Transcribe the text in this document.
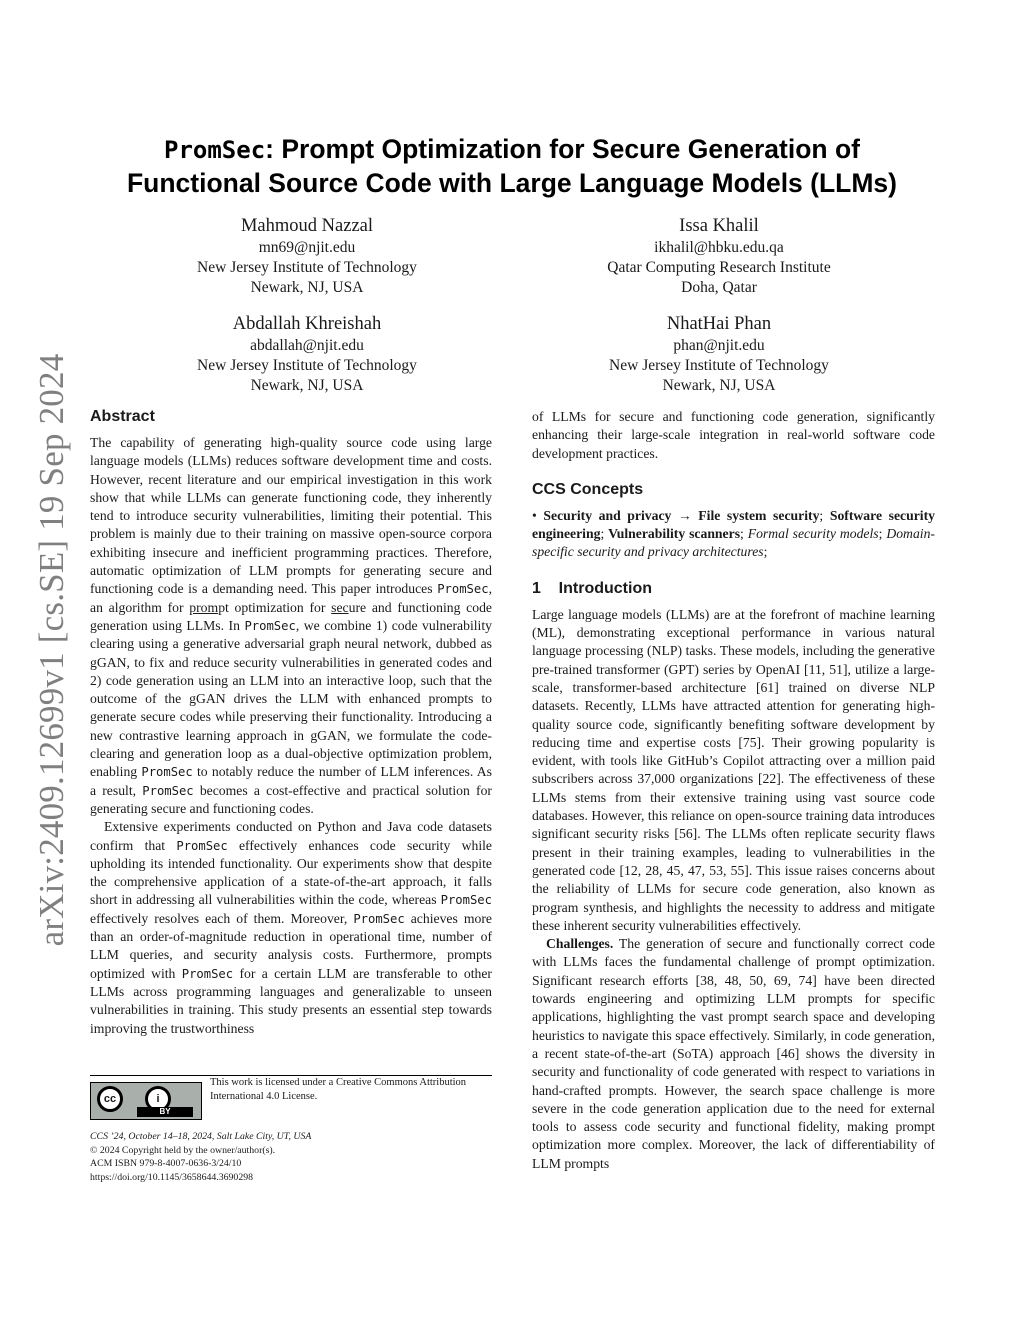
arXiv:2409.12699v1 [cs.SE] 19 Sep 2024
PromSec: Prompt Optimization for Secure Generation of
Functional Source Code with Large Language Models (LLMs)
Mahmoud Nazzal
mn69@njit.edu
New Jersey Institute of Technology
Newark, NJ, USA
Issa Khalil
ikhalil@hbku.edu.qa
Qatar Computing Research Institute
Doha, Qatar
Abdallah Khreishah
abdallah@njit.edu
New Jersey Institute of Technology
Newark, NJ, USA
NhatHai Phan
phan@njit.edu
New Jersey Institute of Technology
Newark, NJ, USA
Abstract

The capability of generating high-quality source code using large language models (LLMs) reduces software development time and costs. However, recent literature and our empirical investigation in this work show that while LLMs can generate functioning code, they inherently tend to introduce security vulnerabilities, limiting their potential. This problem is mainly due to their training on massive open-source corpora exhibiting insecure and inefficient programming practices. Therefore, automatic optimization of LLM prompts for generating secure and functioning code is a demanding need. This paper introduces PromSec, an algorithm for prompt optimization for secure and functioning code generation using LLMs. In PromSec, we combine 1) code vulnerability clearing using a generative adversarial graph neural network, dubbed as gGAN, to fix and reduce security vulnerabilities in generated codes and 2) code generation using an LLM into an interactive loop, such that the outcome of the gGAN drives the LLM with enhanced prompts to generate secure codes while preserving their functionality. Introducing a new contrastive learning approach in gGAN, we formulate the code-clearing and generation loop as a dual-objective optimization problem, enabling PromSec to notably reduce the number of LLM inferences. As a result, PromSec becomes a cost-effective and practical solution for generating secure and functioning codes.

Extensive experiments conducted on Python and Java code datasets confirm that PromSec effectively enhances code security while upholding its intended functionality. Our experiments show that despite the comprehensive application of a state-of-the-art approach, it falls short in addressing all vulnerabilities within the code, whereas PromSec effectively resolves each of them. Moreover, PromSec achieves more than an order-of-magnitude reduction in operational time, number of LLM queries, and security analysis costs. Furthermore, prompts optimized with PromSec for a certain LLM are transferable to other LLMs across programming languages and generalizable to unseen vulnerabilities in training. This study presents an essential step towards improving the trustworthiness

cc	i
BY
This work is licensed under a Creative Commons Attribution International 4.0 License.
CCS ’24, October 14–18, 2024, Salt Lake City, UT, USA
© 2024 Copyright held by the owner/author(s).
ACM ISBN 979-8-4007-0636-3/24/10
https://doi.org/10.1145/3658644.3690298

of LLMs for secure and functioning code generation, significantly enhancing their large-scale integration in real-world software code development practices.

CCS Concepts

• Security and privacy → File system security; Software security engineering; Vulnerability scanners; Formal security models; Domain-specific security and privacy architectures;

1    Introduction

Large language models (LLMs) are at the forefront of machine learning (ML), demonstrating exceptional performance in various natural language processing (NLP) tasks. These models, including the generative pre-trained transformer (GPT) series by OpenAI [11, 51], utilize a large-scale, transformer-based architecture [61] trained on diverse NLP datasets. Recently, LLMs have attracted attention for generating high-quality source code, significantly benefiting software development by reducing time and expertise costs [75]. Their growing popularity is evident, with tools like GitHub’s Copilot attracting over a million paid subscribers across 37,000 organizations [22]. The effectiveness of these LLMs stems from their extensive training using vast source code databases. However, this reliance on open-source training data introduces significant security risks [56]. The LLMs often replicate security flaws present in their training examples, leading to vulnerabilities in the generated code [12, 28, 45, 47, 53, 55]. This issue raises concerns about the reliability of LLMs for secure code generation, also known as program synthesis, and highlights the necessity to address and mitigate these inherent security vulnerabilities effectively.

Challenges. The generation of secure and functionally correct code with LLMs faces the fundamental challenge of prompt optimization. Significant research efforts [38, 48, 50, 69, 74] have been directed towards engineering and optimizing LLM prompts for specific applications, highlighting the vast prompt search space and developing heuristics to navigate this space effectively. Similarly, in code generation, a recent state-of-the-art (SoTA) approach [46] shows the diversity in security and functionality of code generated with respect to variations in hand-crafted prompts. However, the search space challenge is more severe in the code generation application due to the need for external tools to assess code security and functional fidelity, making prompt optimization more complex. Moreover, the lack of differentiability of LLM prompts
